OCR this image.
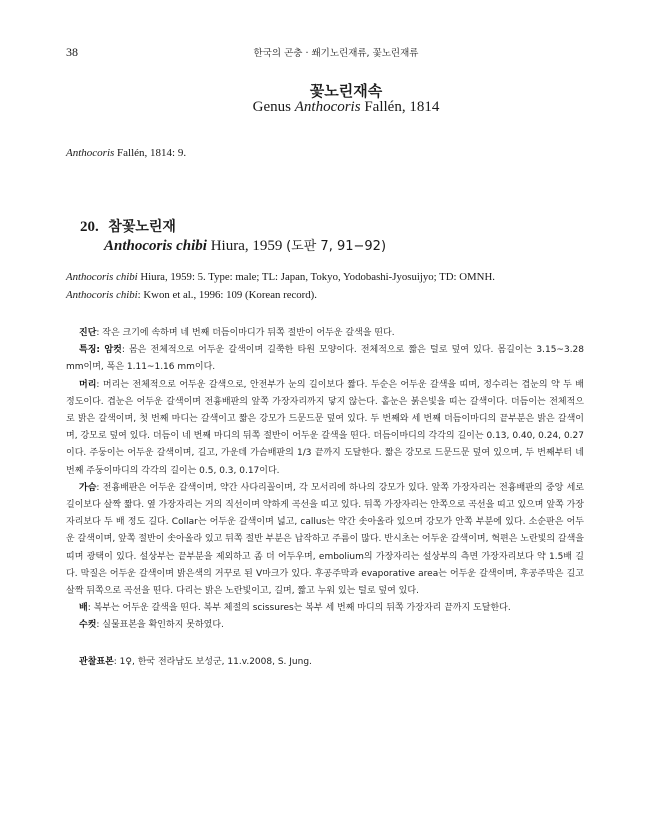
38	한국의 곤충 · 쐐기노린재류, 꽃노린재류
꽃노린재속
Genus Anthocoris Fallén, 1814
Anthocoris Fallén, 1814: 9.
20. 참꽃노린재
Anthocoris chibi Hiura, 1959 (도판 7, 91−92)
Anthocoris chibi Hiura, 1959: 5. Type: male; TL: Japan, Tokyo, Yodobashi-Jyosuijyo; TD: OMNH.
Anthocoris chibi: Kwon et al., 1996: 109 (Korean record).

진단: 작은 크기에 속하며 네 번째 더듬이마디가 뒤쪽 절반이 어두운 갈색을 띤다.

특징: 암컷: 몸은 전체적으로 어두운 갈색이며 길쭉한 타원 모양이다. 전체적으로 짧은 털로 덮여 있다. 몸길이는 3.15~3.28 mm이며, 폭은 1.11~1.16 mm이다.

머리: 머리는 전체적으로 어두운 갈색으로, 안전부가 눈의 길이보다 짧다. 두순은 어두운 갈색을 띠며, 정수리는 겹눈의 약 두 배 정도이다. 겹눈은 어두운 갈색이며 전흉배판의 앞쪽 가장자리까지 닿지 않는다. 홑눈은 붉은빛을 띠는 갈색이다. 더듬이는 전체적으로 밝은 갈색이며, 첫 번째 마디는 갈색이고 짧은 강모가 드문드문 덮여 있다. 두 번째와 세 번째 더듬이마디의 끝부분은 밝은 갈색이며, 강모로 덮여 있다. 더듬이 네 번째 마디의 뒤쪽 절반이 어두운 갈색을 띤다. 더듬이마디의 각각의 길이는 0.13, 0.40, 0.24, 0.27이다. 주둥이는 어두운 갈색이며, 길고, 가운데 가슴배판의 1/3 끝까지 도달한다. 짧은 강모로 드문드문 덮여 있으며, 두 번째부터 네 번째 주둥이마디의 각각의 길이는 0.5, 0.3, 0.17이다.

가슴: 전흉배판은 어두운 갈색이며, 약간 사다리꼴이며, 각 모서리에 하나의 강모가 있다. 앞쪽 가장자리는 전흉배판의 중앙 세로 길이보다 살짝 짧다. 옆 가장자리는 거의 직선이며 약하게 곡선을 띠고 있다. 뒤쪽 가장자리는 안쪽으로 곡선을 띠고 있으며 앞쪽 가장자리보다 두 배 정도 길다. Collar는 어두운 갈색이며 넓고, callus는 약간 솟아올라 있으며 강모가 안쪽 부분에 있다. 소순판은 어두운 갈색이며, 앞쪽 절반이 솟아올라 있고 뒤쪽 절반 부분은 납작하고 주름이 많다. 반시초는 어두운 갈색이며, 혁편은 노란빛의 갈색을 띠며 광택이 있다. 설상부는 끝부분을 제외하고 좀 더 어두우며, embolium의 가장자리는 설상부의 측면 가장자리보다 약 1.5배 길다. 막질은 어두운 갈색이며 밝은색의 거꾸로 된 V마크가 있다. 후공주막과 evaporative area는 어두운 갈색이며, 후공주막은 길고 살짝 뒤쪽으로 곡선을 띤다. 다리는 밝은 노란빛이고, 길며, 짧고 누워 있는 털로 덮여 있다.

배: 복부는 어두운 갈색을 띤다. 복부 체절의 scissures는 복부 세 번째 마디의 뒤쪽 가장자리 끝까지 도달한다.

수컷: 실물표본을 확인하지 못하였다.

관찰표본: 1♀, 한국 전라남도 보성군, 11.v.2008, S. Jung.
